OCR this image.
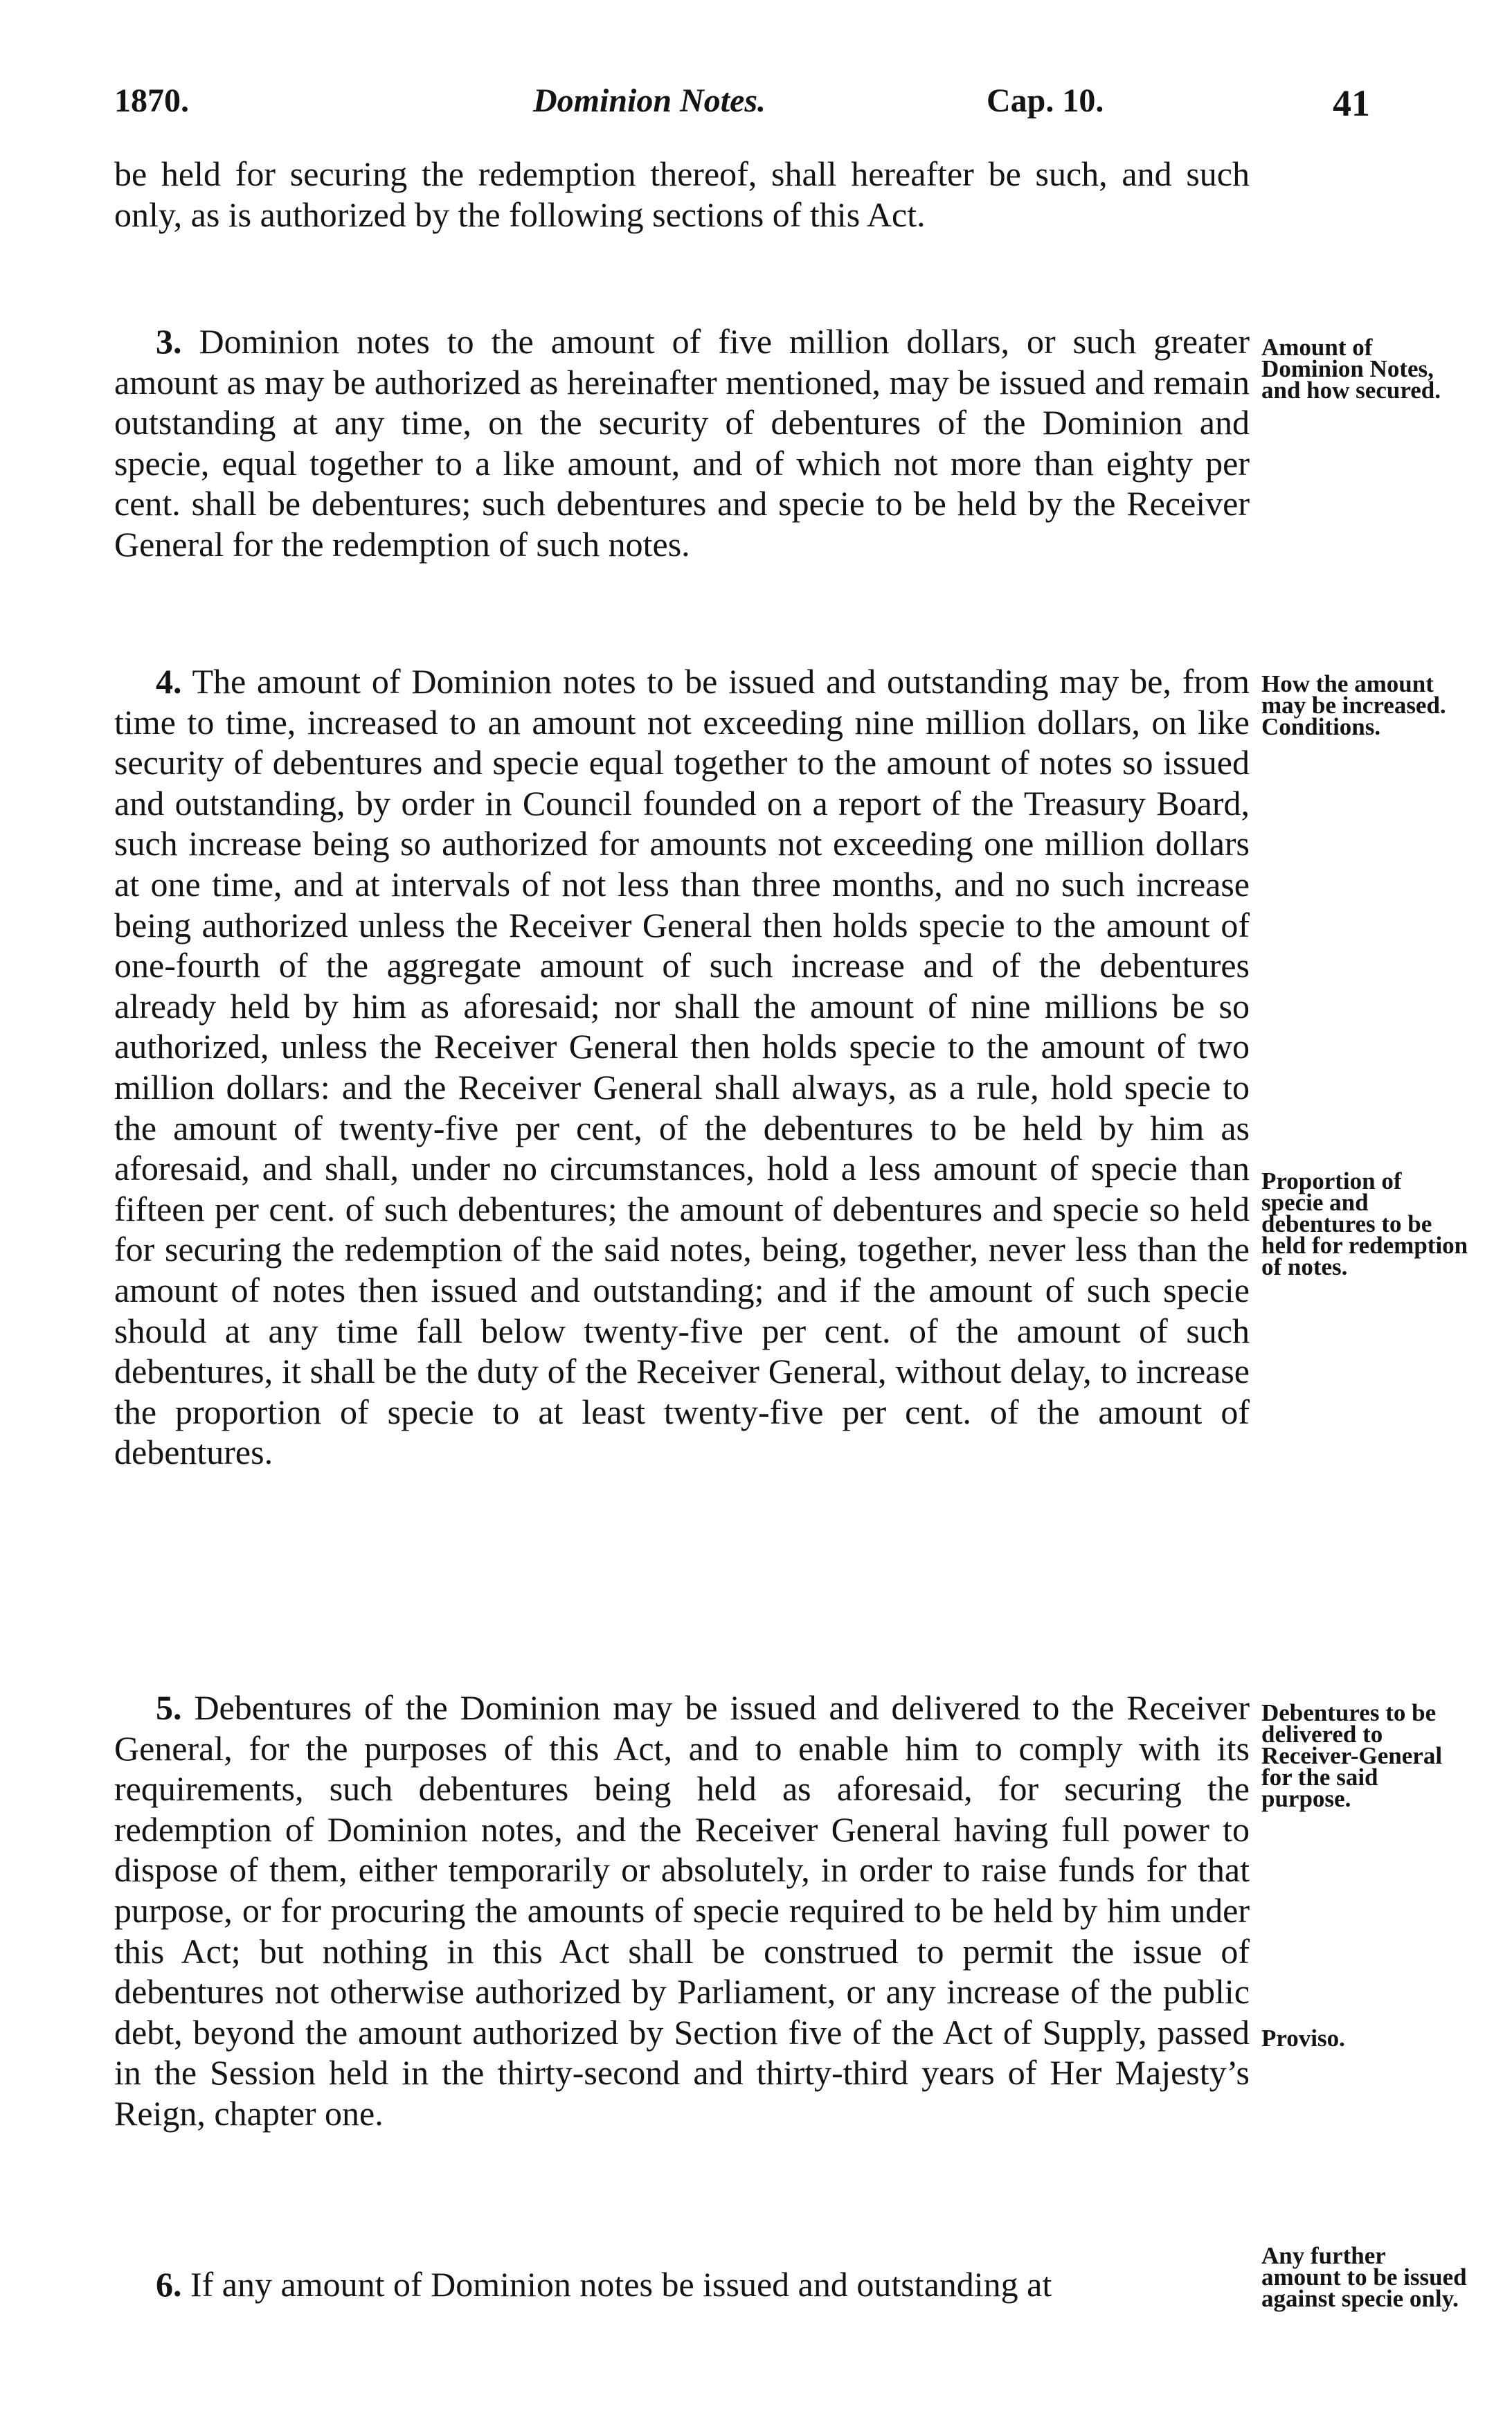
1870.	Dominion Notes.	Cap. 10.	41

be held for securing the redemption thereof, shall hereafter be such, and such only, as is authorized by the following sections of this Act.

3. Dominion notes to the amount of five million dollars, or such greater amount as may be authorized as hereinafter mentioned, may be issued and remain outstanding at any time, on the security of debentures of the Dominion and specie, equal together to a like amount, and of which not more than eighty per cent. shall be debentures; such debentures and specie to be held by the Receiver General for the redemption of such notes.

4. The amount of Dominion notes to be issued and outstanding may be, from time to time, increased to an amount not exceeding nine million dollars, on like security of debentures and specie equal together to the amount of notes so issued and outstanding, by order in Council founded on a report of the Treasury Board, such increase being so authorized for amounts not exceeding one million dollars at one time, and at intervals of not less than three months, and no such increase being authorized unless the Receiver General then holds specie to the amount of one-fourth of the aggregate amount of such increase and of the debentures already held by him as aforesaid; nor shall the amount of nine millions be so authorized, unless the Receiver General then holds specie to the amount of two million dollars: and the Receiver General shall always, as a rule, hold specie to the amount of twenty-five per cent, of the debentures to be held by him as aforesaid, and shall, under no circumstances, hold a less amount of specie than fifteen per cent. of such debentures; the amount of debentures and specie so held for securing the redemption of the said notes, being, together, never less than the amount of notes then issued and outstanding; and if the amount of such specie should at any time fall below twenty-five per cent. of the amount of such debentures, it shall be the duty of the Receiver General, without delay, to increase the proportion of specie to at least twenty-five per cent. of the amount of debentures.

5. Debentures of the Dominion may be issued and delivered to the Receiver General, for the purposes of this Act, and to enable him to comply with its requirements, such debentures being held as aforesaid, for securing the redemption of Dominion notes, and the Receiver General having full power to dispose of them, either temporarily or absolutely, in order to raise funds for that purpose, or for procuring the amounts of specie required to be held by him under this Act; but nothing in this Act shall be construed to permit the issue of debentures not otherwise authorized by Parliament, or any increase of the public debt, beyond the amount authorized by Section five of the Act of Supply, passed in the Session held in the thirty-second and thirty-third years of Her Majesty’s Reign, chapter one.

6. If any amount of Dominion notes be issued and outstanding at

Amount of Dominion Notes, and how secured.
How the amount may be increased. Conditions.
Proportion of specie and debentures to be held for redemption of notes.
Debentures to be delivered to Receiver-General for the said purpose.
Proviso.
Any further amount to be issued against specie only.
